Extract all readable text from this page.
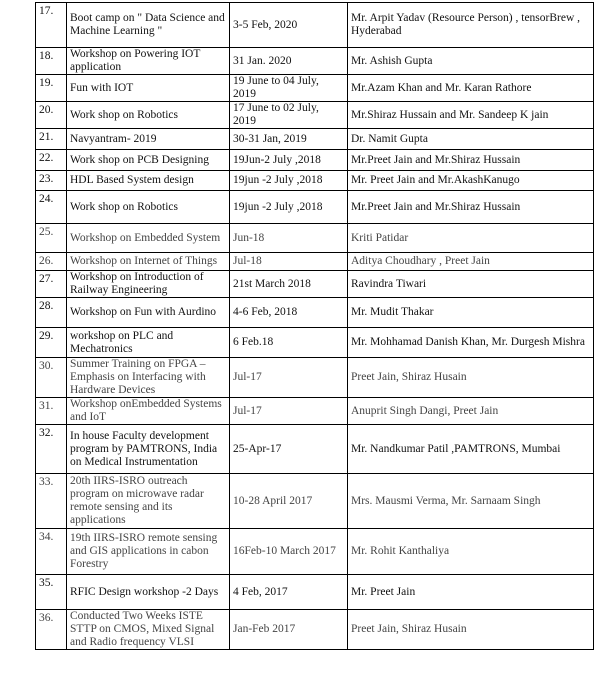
17.	Boot camp on " Data Science and Machine Learning "	3-5 Feb, 2020	Mr. Arpit Yadav (Resource Person) , tensorBrew , Hyderabad
18.	Workshop on Powering IOT application	31 Jan. 2020	Mr. Ashish Gupta
19.	Fun with IOT	19 June to 04 July, 2019	Mr.Azam Khan and Mr. Karan Rathore
20.	Work shop on Robotics	17 June to 02 July, 2019	Mr.Shiraz Hussain and Mr. Sandeep K jain
21.	Navyantram- 2019	30-31 Jan, 2019	Dr. Namit Gupta
22.	Work shop on PCB Designing	19Jun-2 July ,2018	Mr.Preet Jain and Mr.Shiraz Hussain
23.	HDL Based System design	19jun -2 July ,2018	Mr. Preet Jain and Mr.AkashKanugo
24.	Work shop on Robotics	19jun -2 July ,2018	Mr.Preet Jain and Mr.Shiraz Hussain
25.	Workshop on Embedded System	Jun-18	Kriti Patidar
26.	Workshop on Internet of Things	Jul-18	Aditya Choudhary , Preet Jain
27.	Workshop on Introduction of Railway Engineering	21st March 2018	Ravindra Tiwari
28.	Workshop on Fun with Aurdino	4-6 Feb, 2018	Mr. Mudit Thakar
29.	workshop on PLC and Mechatronics	6 Feb.18	Mr. Mohhamad Danish Khan, Mr. Durgesh Mishra
30.	Summer Training on FPGA – Emphasis on Interfacing with Hardware Devices	Jul-17	Preet Jain, Shiraz Husain
31.	Workshop onEmbedded Systems and IoT	Jul-17	Anuprit Singh Dangi, Preet Jain
32.	In house Faculty development program by PAMTRONS, India on Medical Instrumentation	25-Apr-17	Mr. Nandkumar Patil ,PAMTRONS, Mumbai
33.	20th IIRS-ISRO outreach program on microwave radar remote sensing and its applications	10-28 April 2017	Mrs. Mausmi Verma, Mr. Sarnaam Singh
34.	19th IIRS-ISRO remote sensing and GIS applications in cabon Forestry	16Feb-10 March 2017	Mr. Rohit Kanthaliya
35.	RFIC Design workshop -2 Days	4 Feb, 2017	Mr. Preet Jain
36.	Conducted Two Weeks ISTE STTP on CMOS, Mixed Signal and Radio frequency VLSI	Jan-Feb 2017	Preet Jain, Shiraz Husain
